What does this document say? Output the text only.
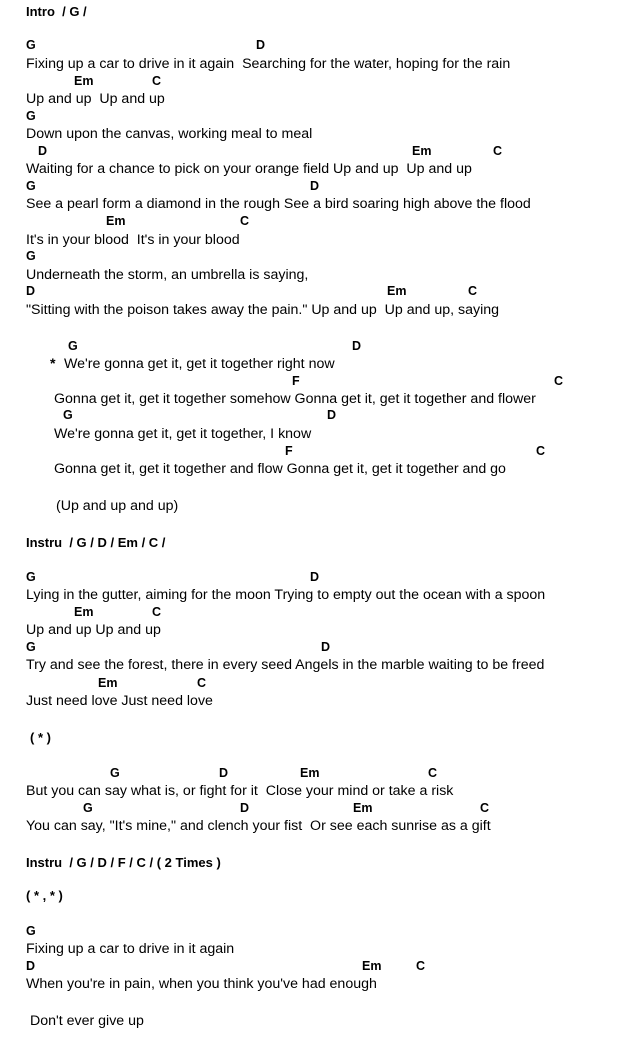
Intro  / G /
G	D
Fixing up a car to drive in it again  Searching for the water, hoping for the rain
Em	C
Up and up  Up and up
G
Down upon the canvas, working meal to meal
D	Em	C
Waiting for a chance to pick on your orange field Up and up  Up and up
G	D
See a pearl form a diamond in the rough See a bird soaring high above the flood
Em	C
It's in your blood  It's in your blood
G
Underneath the storm, an umbrella is saying,
D	Em	C
"Sitting with the poison takes away the pain." Up and up  Up and up, saying
G	D
* We're gonna get it, get it together right now
F	C
Gonna get it, get it together somehow Gonna get it, get it together and flower
G	D
We're gonna get it, get it together, I know
F	C
Gonna get it, get it together and flow Gonna get it, get it together and go
(Up and up and up)
Instru  / G / D / Em / C /
G	D
Lying in the gutter, aiming for the moon Trying to empty out the ocean with a spoon
Em	C
Up and up Up and up
G	D
Try and see the forest, there in every seed Angels in the marble waiting to be freed
Em	C
Just need love Just need love
( * )
G	D	Em	C
But you can say what is, or fight for it  Close your mind or take a risk
G	D	Em	C
You can say, "It's mine," and clench your fist  Or see each sunrise as a gift
Instru  / G / D / F / C / ( 2 Times )
( * , * )
G
Fixing up a car to drive in it again
D	Em	C
When you're in pain, when you think you've had enough
Don't ever give up
